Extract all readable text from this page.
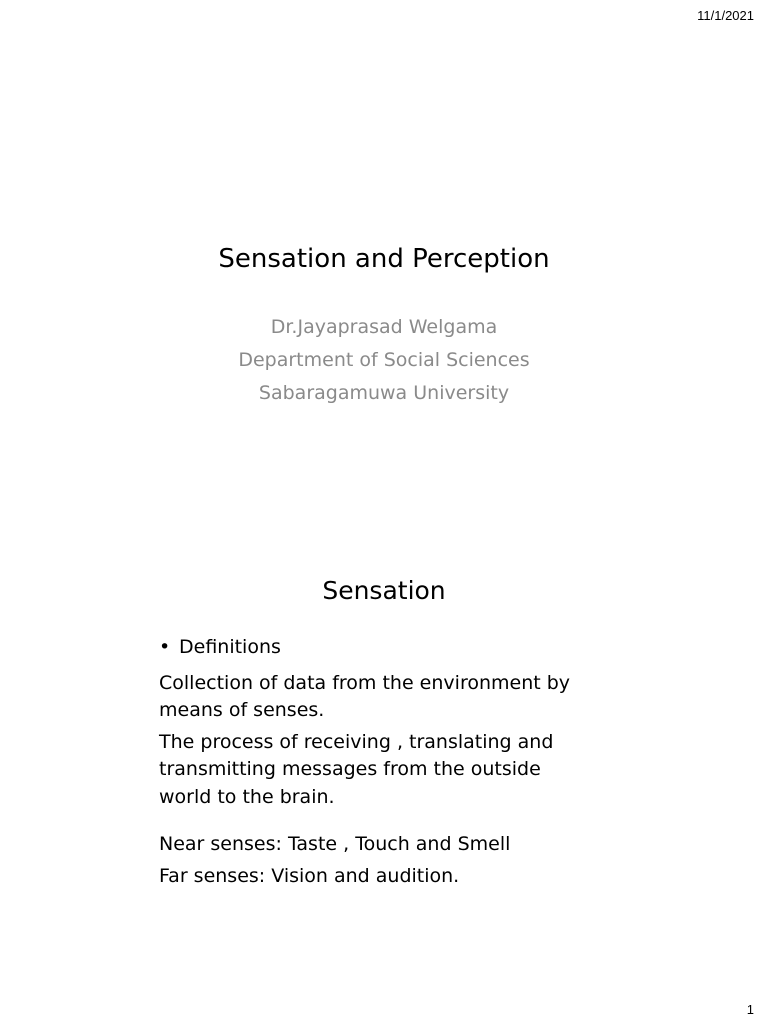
11/1/2021
Sensation and Perception
Dr.Jayaprasad Welgama
Department of Social Sciences
Sabaragamuwa University
Sensation
• Definitions
Collection of data from the environment by means of senses.
The process of receiving , translating and transmitting messages from the outside world to the brain.
Near senses: Taste , Touch and Smell
Far senses: Vision and audition.
1
